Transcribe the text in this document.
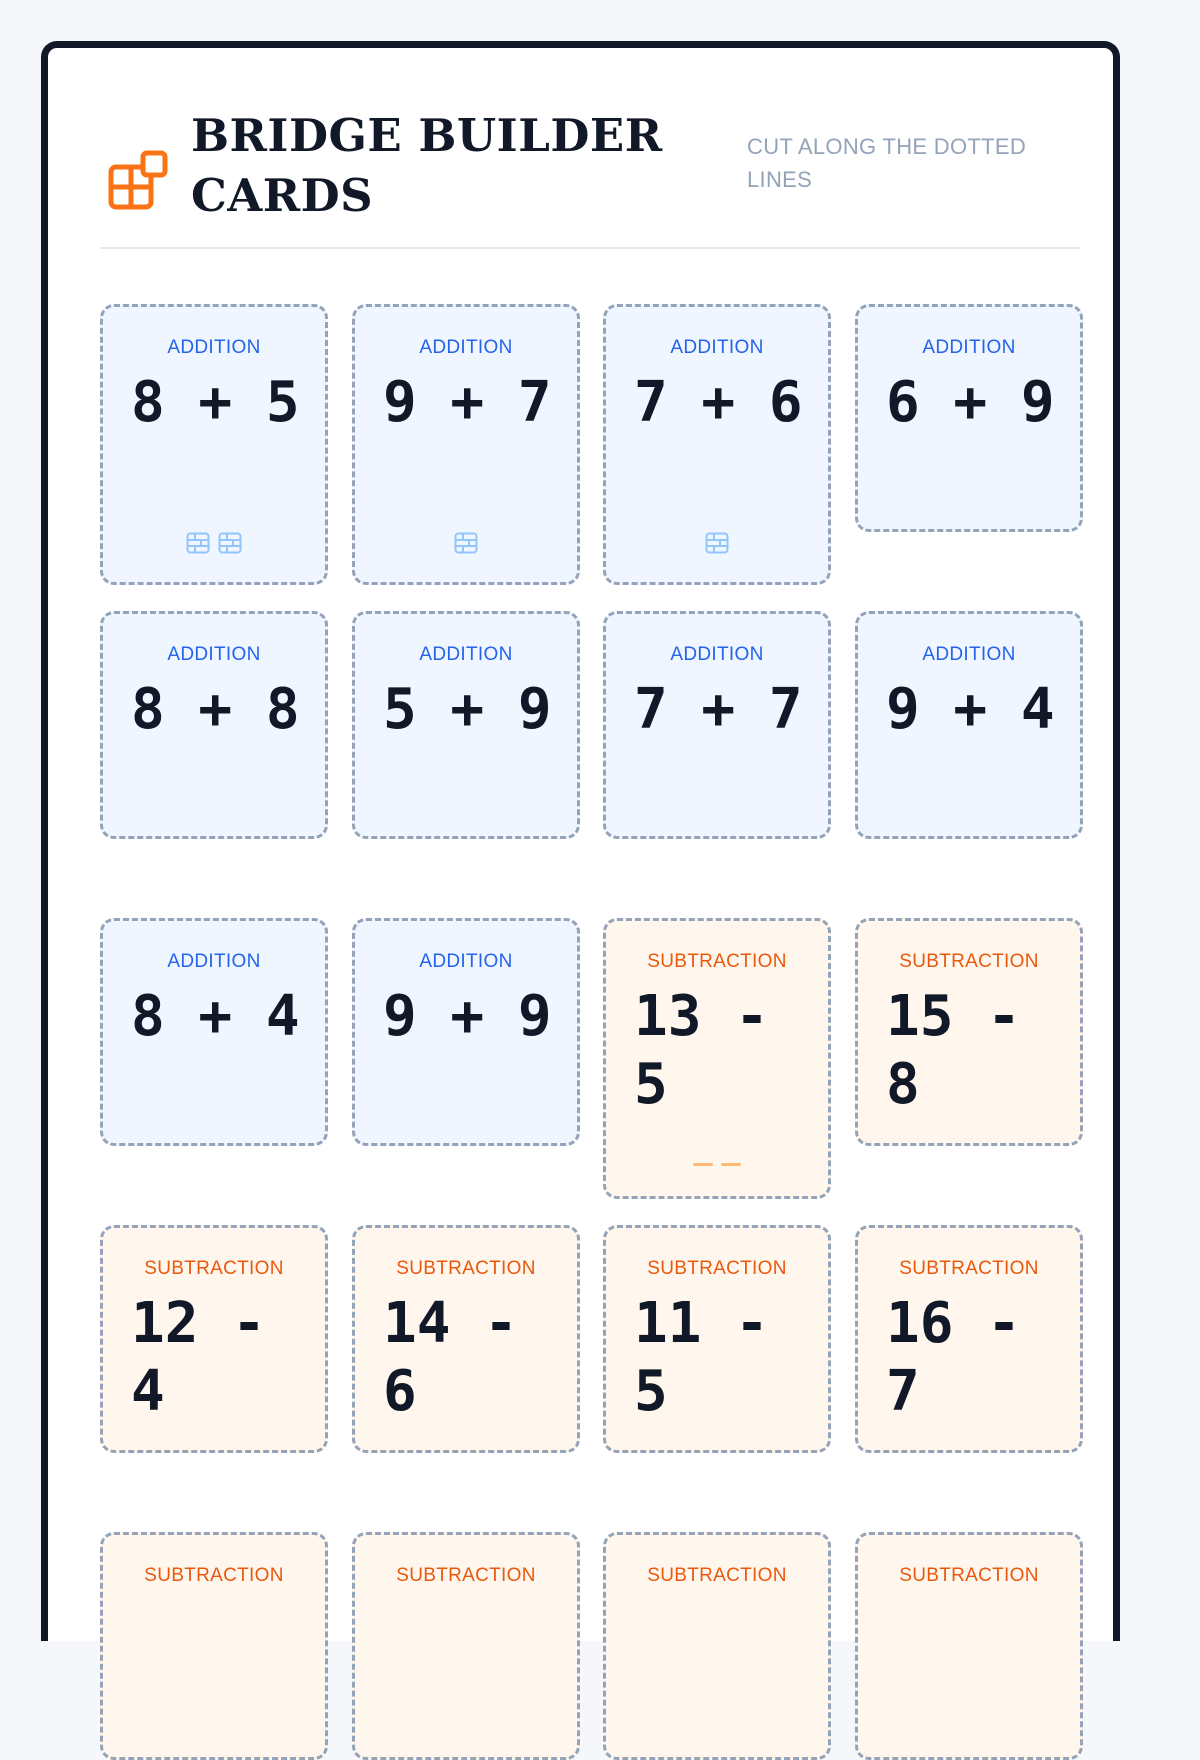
BRIDGE BUILDER CARDS
CUT ALONG THE DOTTED LINES
ADDITION
8 + 5
ADDITION
9 + 7
ADDITION
7 + 6
ADDITION
6 + 9
ADDITION
8 + 8
ADDITION
5 + 9
ADDITION
7 + 7
ADDITION
9 + 4
ADDITION
8 + 4
ADDITION
9 + 9
SUBTRACTION
13 - 5
SUBTRACTION
15 - 8
SUBTRACTION
12 - 4
SUBTRACTION
14 - 6
SUBTRACTION
11 - 5
SUBTRACTION
16 - 7
SUBTRACTION	SUBTRACTION	SUBTRACTION	SUBTRACTION
